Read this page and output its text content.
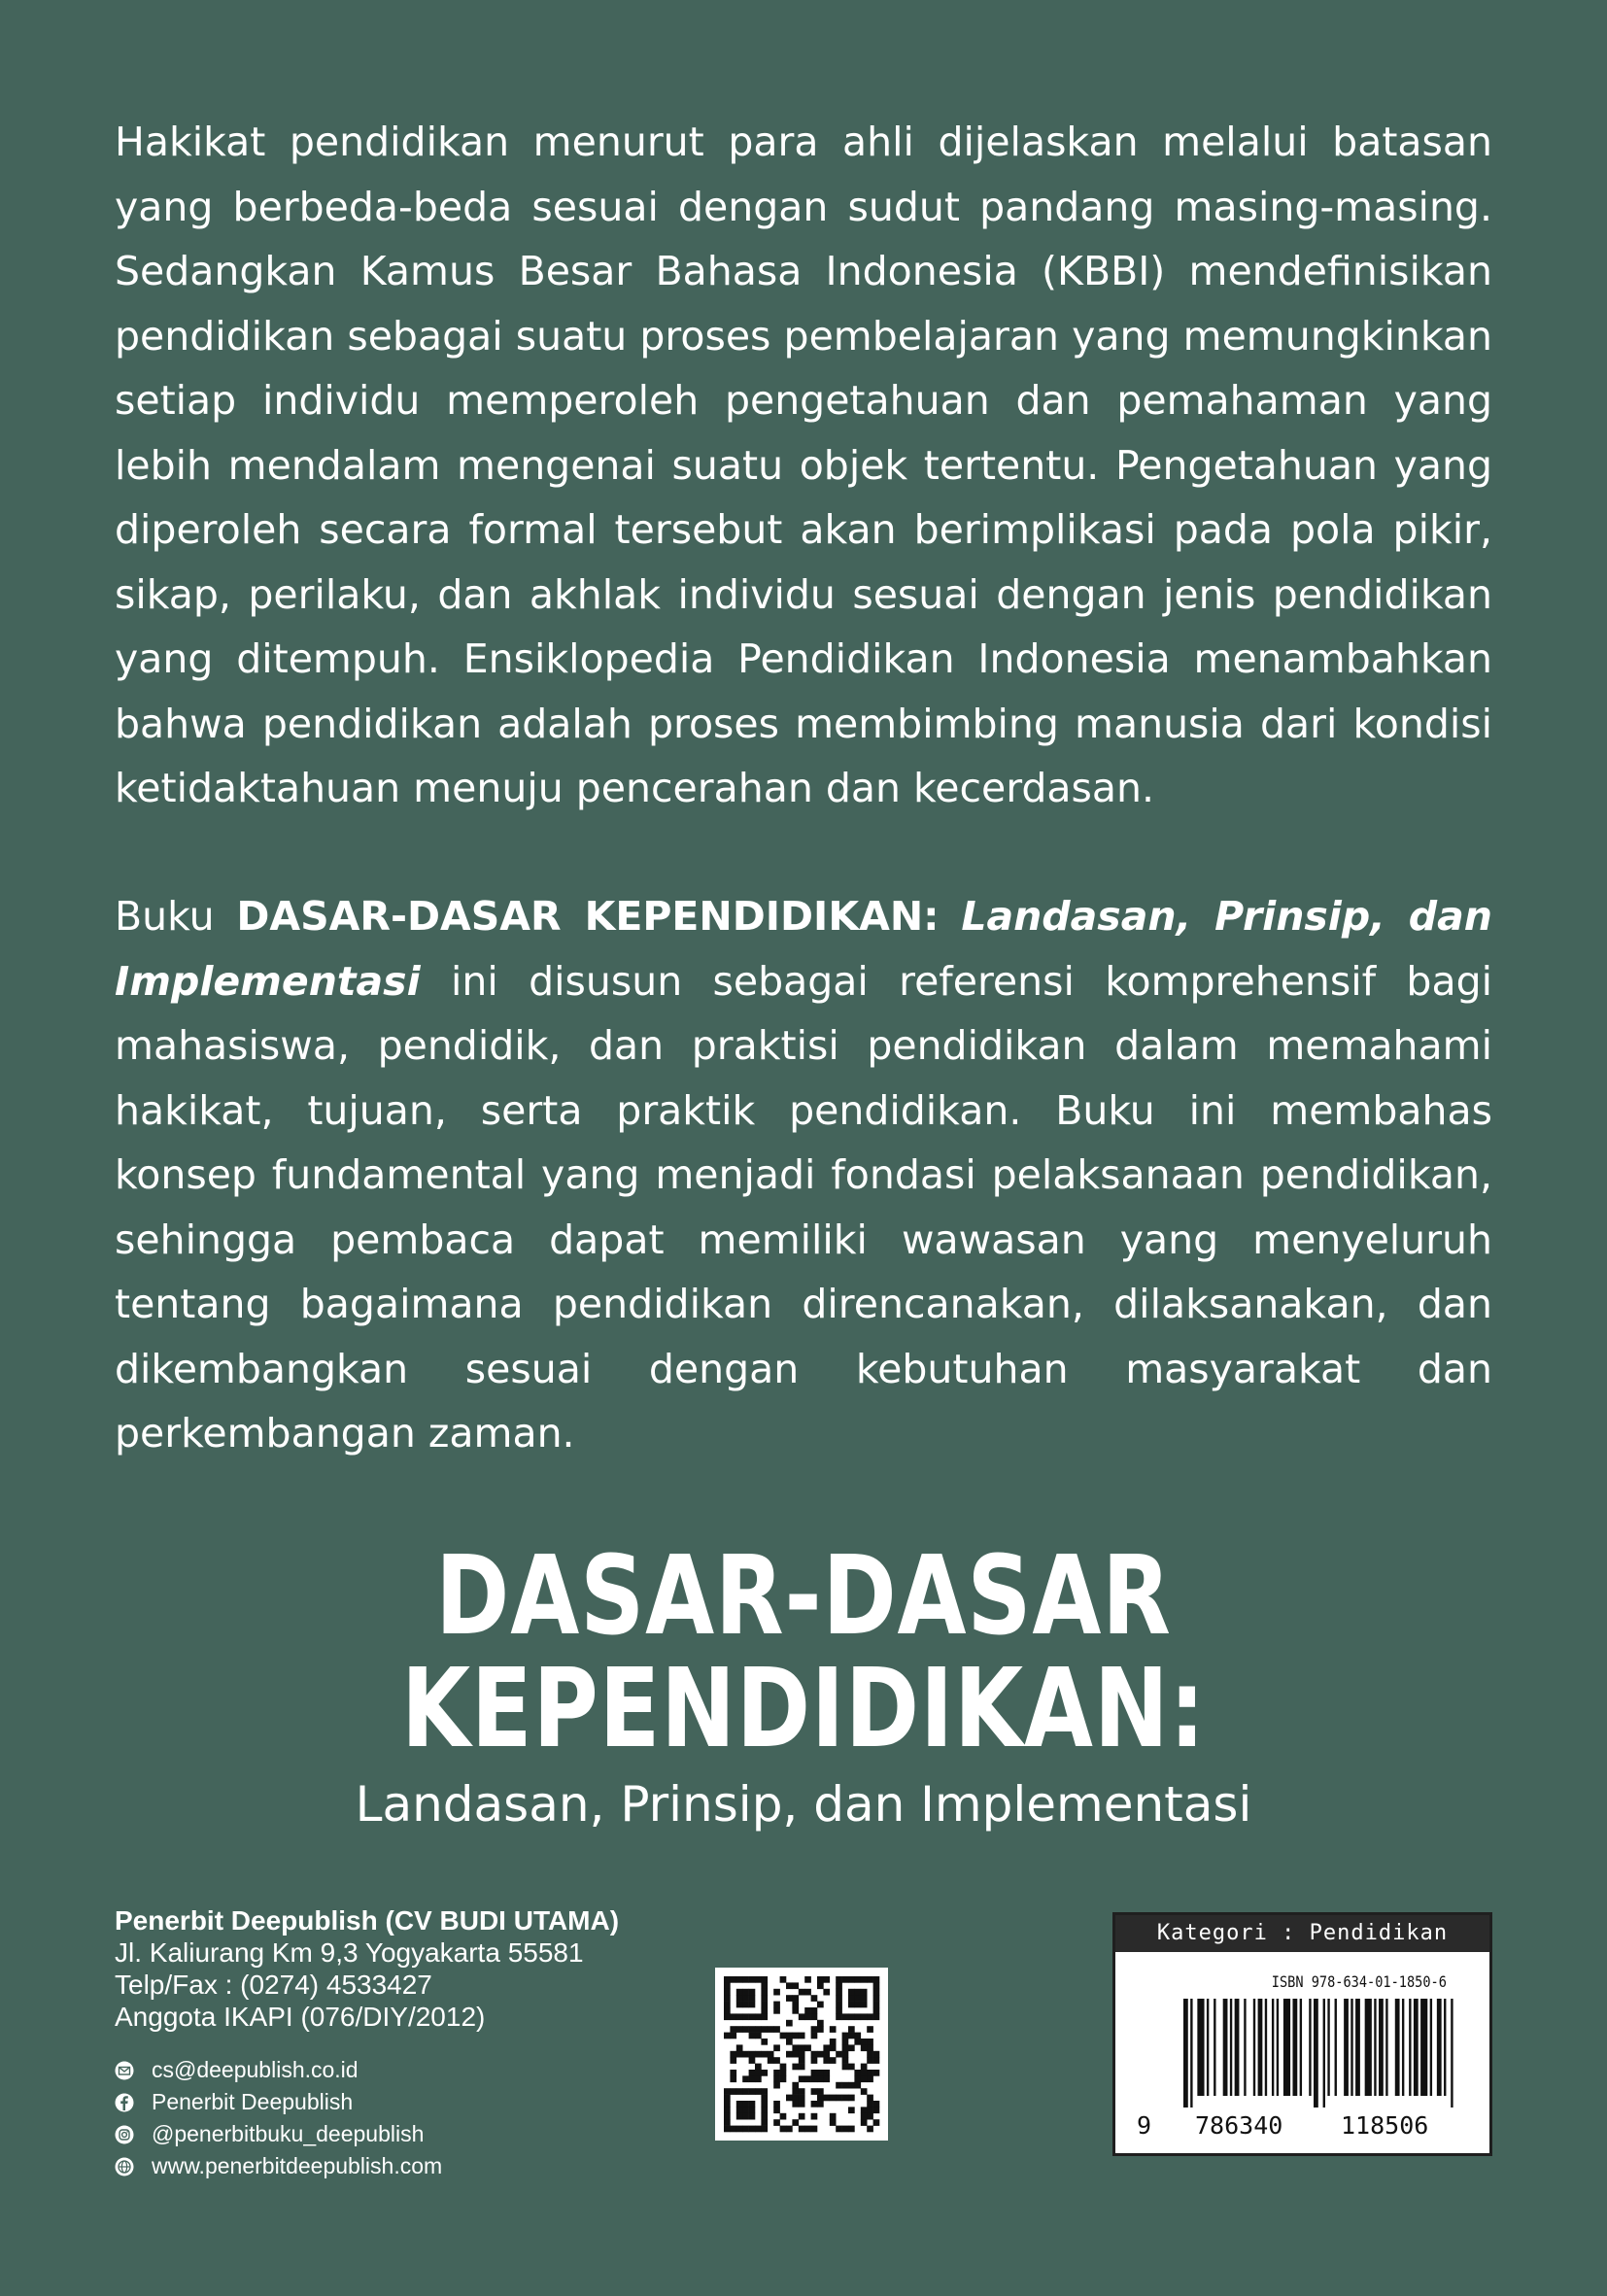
Hakikat pendidikan menurut para ahli dijelaskan melalui batasan yang berbeda-beda sesuai dengan sudut pandang masing-masing. Sedangkan Kamus Besar Bahasa Indonesia (KBBI) mendefinisikan pendidikan sebagai suatu proses pembelajaran yang memungkinkan setiap individu memperoleh pengetahuan dan pemahaman yang lebih mendalam mengenai suatu objek tertentu. Pengetahuan yang diperoleh secara formal tersebut akan berimplikasi pada pola pikir, sikap, perilaku, dan akhlak individu sesuai dengan jenis pendidikan yang ditempuh. Ensiklopedia Pendidikan Indonesia menambahkan bahwa pendidikan adalah proses membimbing manusia dari kondisi ketidaktahuan menuju pencerahan dan kecerdasan.

Buku DASAR-DASAR KEPENDIDIKAN: Landasan, Prinsip, dan Implementasi ini disusun sebagai referensi komprehensif bagi mahasiswa, pendidik, dan praktisi pendidikan dalam memahami hakikat, tujuan, serta praktik pendidikan. Buku ini membahas konsep fundamental yang menjadi fondasi pelaksanaan pendidikan, sehingga pembaca dapat memiliki wawasan yang menyeluruh tentang bagaimana pendidikan direncanakan, dilaksanakan, dan dikembangkan sesuai dengan kebutuhan masyarakat dan perkembangan zaman.

DASAR-DASAR
KEPENDIDIKAN:
Landasan, Prinsip, dan Implementasi
Penerbit Deepublish (CV BUDI UTAMA)
Jl. Kaliurang Km 9,3 Yogyakarta 55581
Telp/Fax : (0274) 4533427
Anggota IKAPI (076/DIY/2012)
cs@deepublish.co.id
Penerbit Deepublish
@penerbitbuku_deepublish
www.penerbitdeepublish.com
Kategori : Pendidikan
ISBN 978-634-01-1850-6
9 786340 118506
